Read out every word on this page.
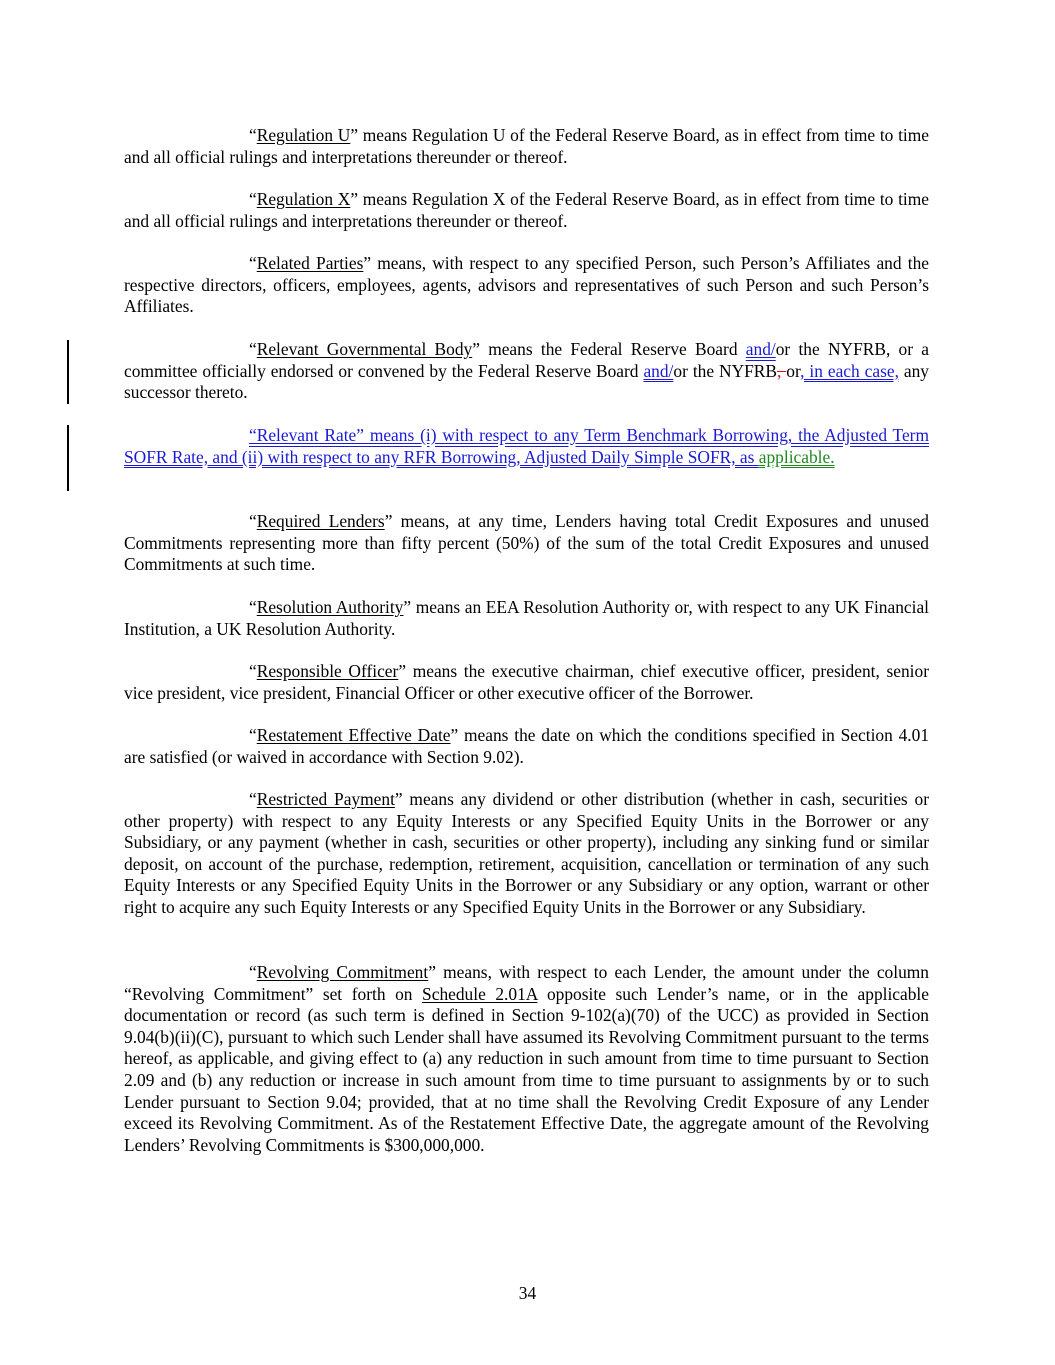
“Regulation U” means Regulation U of the Federal Reserve Board, as in effect from time to time and all official rulings and interpretations thereunder or thereof.

“Regulation X” means Regulation X of the Federal Reserve Board, as in effect from time to time and all official rulings and interpretations thereunder or thereof.

“Related Parties” means, with respect to any specified Person, such Person’s Affiliates and the respective directors, officers, employees, agents, advisors and representatives of such Person and such Person’s Affiliates.

“Relevant Governmental Body” means the Federal Reserve Board and/or the NYFRB, or a committee officially endorsed or convened by the Federal Reserve Board and/or the NYFRB, or, in each case, any successor thereto.

“Relevant Rate” means (i) with respect to any Term Benchmark Borrowing, the Adjusted Term SOFR Rate, and (ii) with respect to any RFR Borrowing, Adjusted Daily Simple SOFR, as applicable.

“Required Lenders” means, at any time, Lenders having total Credit Exposures and unused Commitments representing more than fifty percent (50%) of the sum of the total Credit Exposures and unused Commitments at such time.

“Resolution Authority” means an EEA Resolution Authority or, with respect to any UK Financial Institution, a UK Resolution Authority.

“Responsible Officer” means the executive chairman, chief executive officer, president, senior vice president, vice president, Financial Officer or other executive officer of the Borrower.

“Restatement Effective Date” means the date on which the conditions specified in Section 4.01 are satisfied (or waived in accordance with Section 9.02).

“Restricted Payment” means any dividend or other distribution (whether in cash, securities or other property) with respect to any Equity Interests or any Specified Equity Units in the Borrower or any Subsidiary, or any payment (whether in cash, securities or other property), including any sinking fund or similar deposit, on account of the purchase, redemption, retirement, acquisition, cancellation or termination of any such Equity Interests or any Specified Equity Units in the Borrower or any Subsidiary or any option, warrant or other right to acquire any such Equity Interests or any Specified Equity Units in the Borrower or any Subsidiary.

“Revolving Commitment” means, with respect to each Lender, the amount under the column “Revolving Commitment” set forth on Schedule 2.01A opposite such Lender’s name, or in the applicable documentation or record (as such term is defined in Section 9-102(a)(70) of the UCC) as provided in Section 9.04(b)(ii)(C), pursuant to which such Lender shall have assumed its Revolving Commitment pursuant to the terms hereof, as applicable, and giving effect to (a) any reduction in such amount from time to time pursuant to Section 2.09 and (b) any reduction or increase in such amount from time to time pursuant to assignments by or to such Lender pursuant to Section 9.04; provided, that at no time shall the Revolving Credit Exposure of any Lender exceed its Revolving Commitment. As of the Restatement Effective Date, the aggregate amount of the Revolving Lenders’ Revolving Commitments is $300,000,000.

34
